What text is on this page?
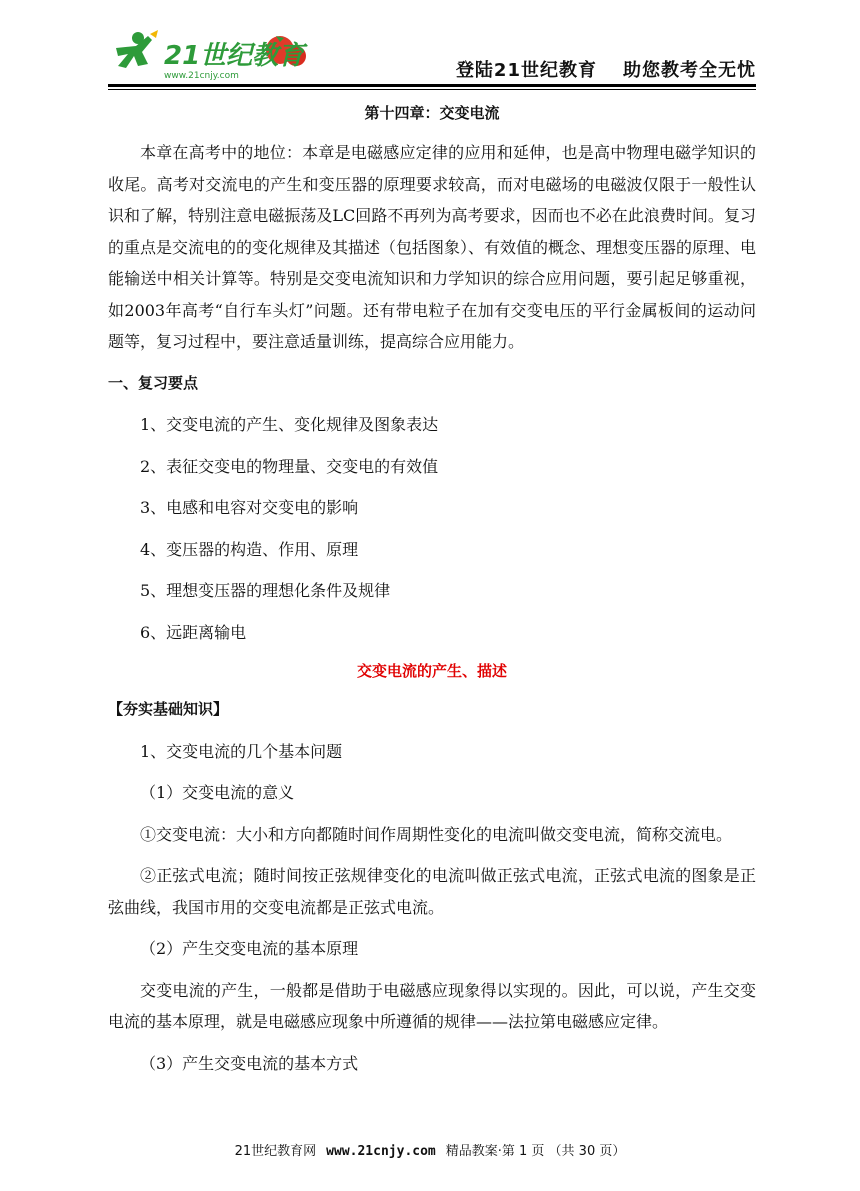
21世纪教育
www.21cnjy.com	登陆21世纪教育 助您教考全无忧
第十四章：交变电流

本章在高考中的地位：本章是电磁感应定律的应用和延伸，也是高中物理电磁学知识的收尾。高考对交流电的产生和变压器的原理要求较高，而对电磁场的电磁波仅限于一般性认识和了解，特别注意电磁振荡及LC回路不再列为高考要求，因而也不必在此浪费时间。复习的重点是交流电的的变化规律及其描述（包括图象）、有效值的概念、理想变压器的原理、电能输送中相关计算等。特别是交变电流知识和力学知识的综合应用问题，要引起足够重视，如2003年高考“自行车头灯”问题。还有带电粒子在加有交变电压的平行金属板间的运动问题等，复习过程中，要注意适量训练，提高综合应用能力。

一、复习要点

1、交变电流的产生、变化规律及图象表达

2、表征交变电的物理量、交变电的有效值

3、电感和电容对交变电的影响

4、变压器的构造、作用、原理

5、理想变压器的理想化条件及规律

6、远距离输电

交变电流的产生、描述
【夯实基础知识】

1、交变电流的几个基本问题

（1）交变电流的意义

①交变电流：大小和方向都随时间作周期性变化的电流叫做交变电流，简称交流电。

②正弦式电流；随时间按正弦规律变化的电流叫做正弦式电流，正弦式电流的图象是正弦曲线，我国市用的交变电流都是正弦式电流。

（2）产生交变电流的基本原理

交变电流的产生，一般都是借助于电磁感应现象得以实现的。因此，可以说，产生交变电流的基本原理，就是电磁感应现象中所遵循的规律——法拉第电磁感应定律。

（3）产生交变电流的基本方式

21世纪教育网 www.21cnjy.com 精品教案·第 1 页 （共 30 页）
